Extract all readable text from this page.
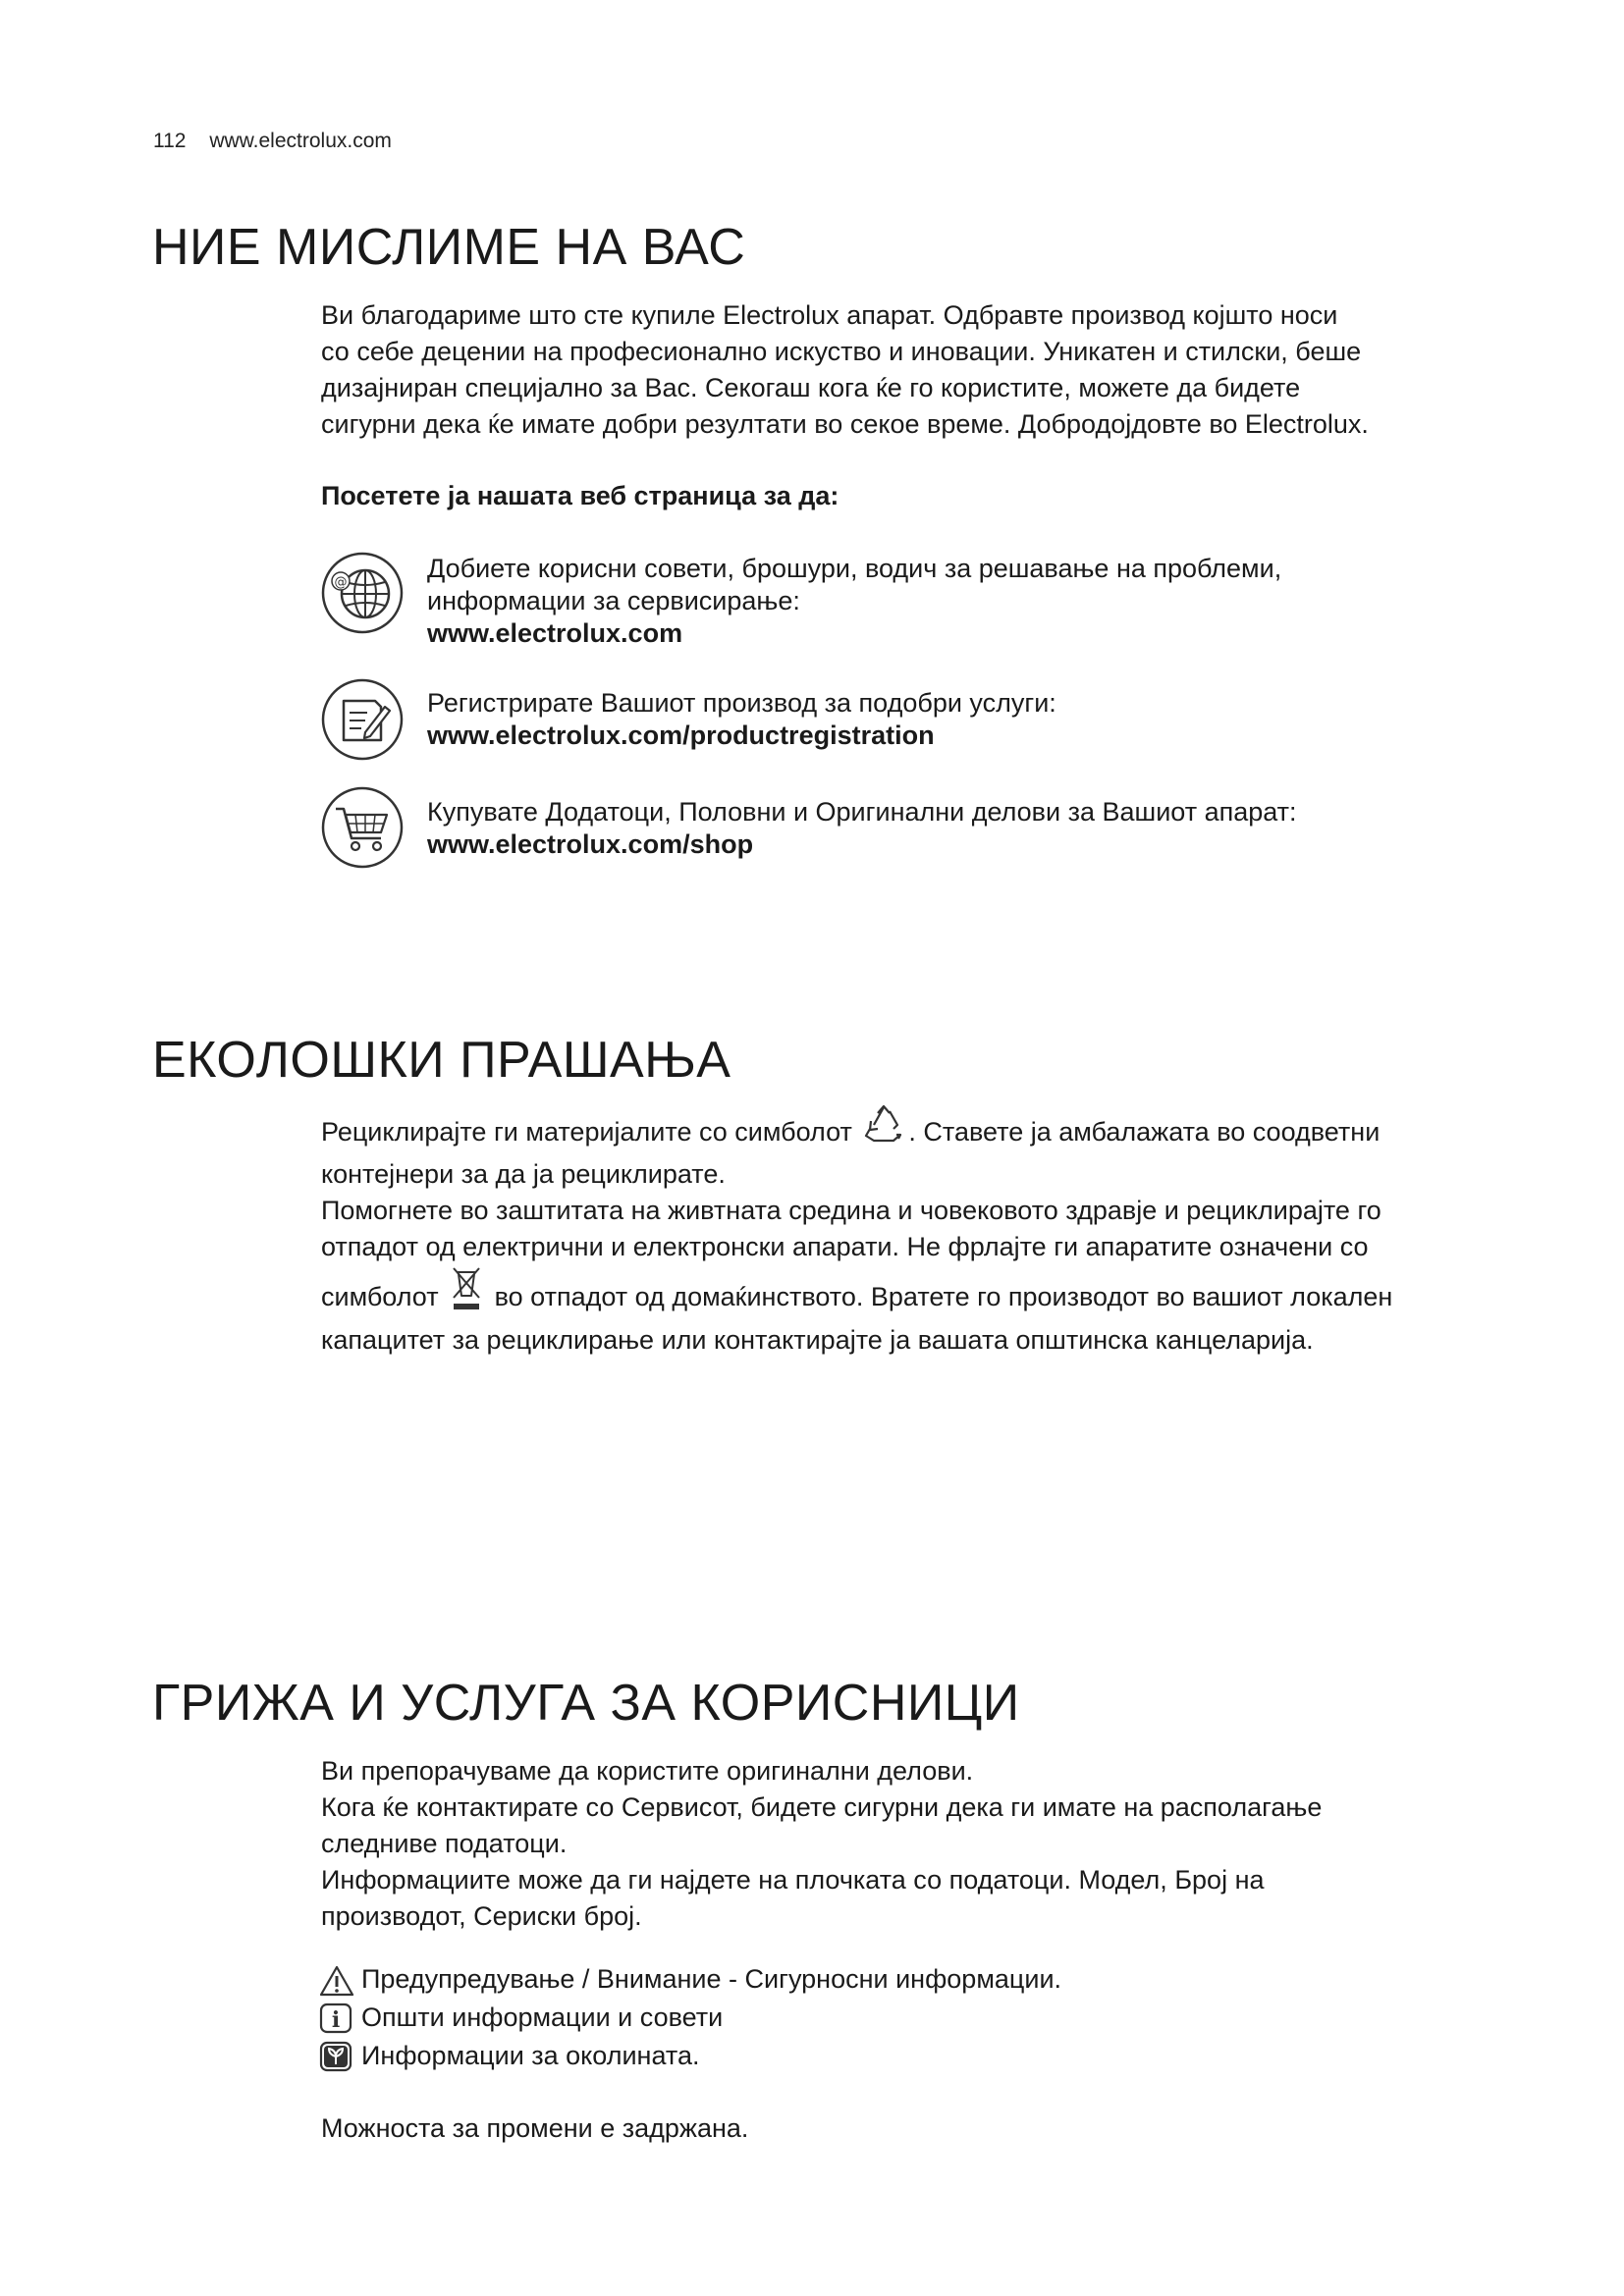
112 www.electrolux.com
НИЕ МИСЛИМЕ НА ВАС

Ви благодариме што сте купиле Electrolux апарат. Одбравте производ којшто носи

со себе децении на професионално искуство и иновации. Уникатен и стилски, беше

дизајниран специјално за Вас. Секогаш кога ќе го користите, можете да бидете

сигурни дека ќе имате добри резултати во секое време. Добродојдовте во Electrolux.

Посетете ја нашата веб страница за да:
@	Добиете корисни совети, брошури, водич за решавање на проблеми,
информации за сервисирање:
www.electrolux.com
Регистрирате Вашиот производ за подобри услуги:
www.electrolux.com/productregistration
Купувате Додатоци, Половни и Оригинални делови за Вашиот апарат:
www.electrolux.com/shop
ЕКОЛОШКИ ПРАШАЊА
Рециклирајте ги материјалите со симболот . Ставете ја амбалажата во соодветни
контејнери за да ја рециклирате.
Помогнете во заштитата на живтната средина и човековото здравје и рециклирајте го
отпадот од електрични и електронски апарати. Не фрлајте ги апаратите означени со
симболот во отпадот од домаќинството. Вратете го производот во вашиот локален
капацитет за рециклирање или контактирајте ја вашата општинска канцеларија.
ГРИЖА И УСЛУГА ЗА КОРИСНИЦИ
Ви препорачуваме да користите оригинални делови.
Кога ќе контактирате со Сервисот, бидете сигурни дека ги имате на располагање
следниве податоци.
Информациите може да ги најдете на плочката со податоци. Модел, Број на
производот, Сериски број.
Предупредување / Внимание - Сигурносни информации.
i Општи информации и совети
Информации за околината.
Можноста за промени е задржана.
